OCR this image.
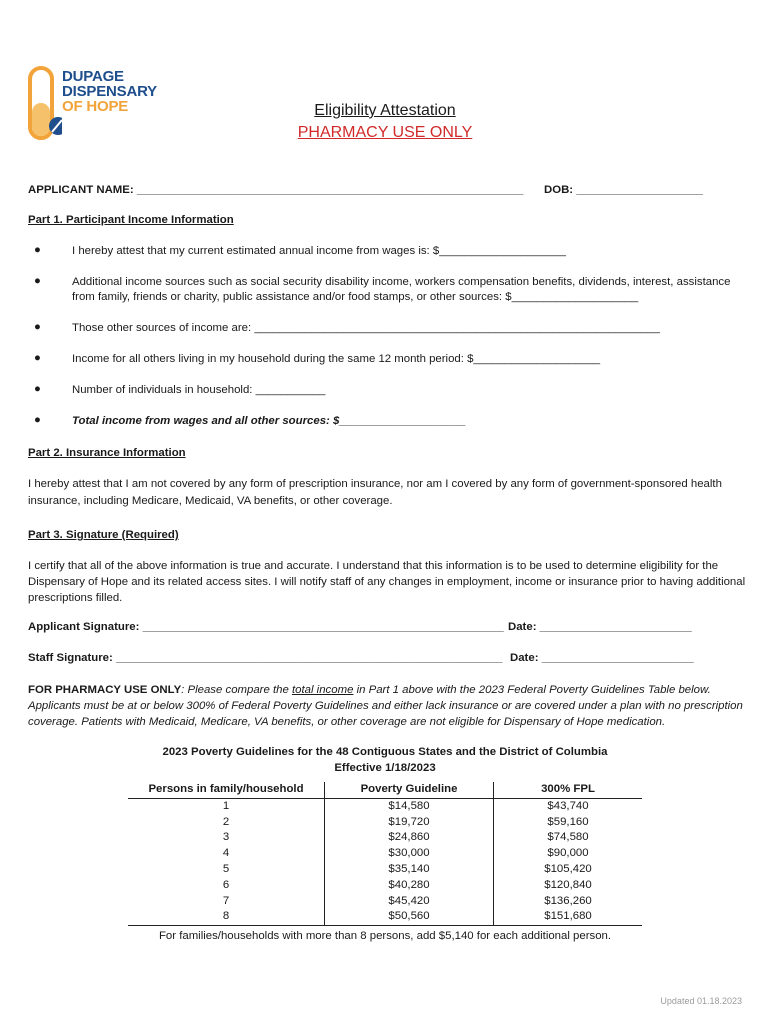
DUPAGE
DISPENSARY
OF HOPE	Eligibility Attestation
PHARMACY USE ONLY
APPLICANT NAME: _____________________________________________________________ DOB: ____________________
Part 1. Participant Income Information
●	I hereby attest that my current estimated annual income from wages is: $____________________
●	Additional income sources such as social security disability income, workers compensation benefits, dividends, interest, assistance from family, friends or charity, public assistance and/or food stamps, or other sources: $____________________
●	Those other sources of income are: ________________________________________________________________
●	Income for all others living in my household during the same 12 month period: $____________________
●	Number of individuals in household: ___________
●	Total income from wages and all other sources: $____________________
Part 2. Insurance Information
I hereby attest that I am not covered by any form of prescription insurance, nor am I covered by any form of government-sponsored health insurance, including Medicare, Medicaid, VA benefits, or other coverage.
Part 3. Signature (Required)
I certify that all of the above information is true and accurate. I understand that this information is to be used to determine eligibility for the Dispensary of Hope and its related access sites. I will notify staff of any changes in employment, income or insurance prior to having additional prescriptions filled.
Applicant Signature: _________________________________________________________ Date: ________________________
Staff Signature: _____________________________________________________________ Date: ________________________
FOR PHARMACY USE ONLY: Please compare the total income in Part 1 above with the 2023 Federal Poverty Guidelines Table below. Applicants must be at or below 300% of Federal Poverty Guidelines and either lack insurance or are covered under a plan with no prescription coverage. Patients with Medicaid, Medicare, VA benefits, or other coverage are not eligible for Dispensary of Hope medication.
2023 Poverty Guidelines for the 48 Contiguous States and the District of Columbia
Effective 1/18/2023
Persons in family/household	Poverty Guideline	300% FPL
1	$14,580	$43,740
2	$19,720	$59,160
3	$24,860	$74,580
4	$30,000	$90,000
5	$35,140	$105,420
6	$40,280	$120,840
7	$45,420	$136,260
8	$50,560	$151,680
For families/households with more than 8 persons, add $5,140 for each additional person.		
Updated 01.18.2023
